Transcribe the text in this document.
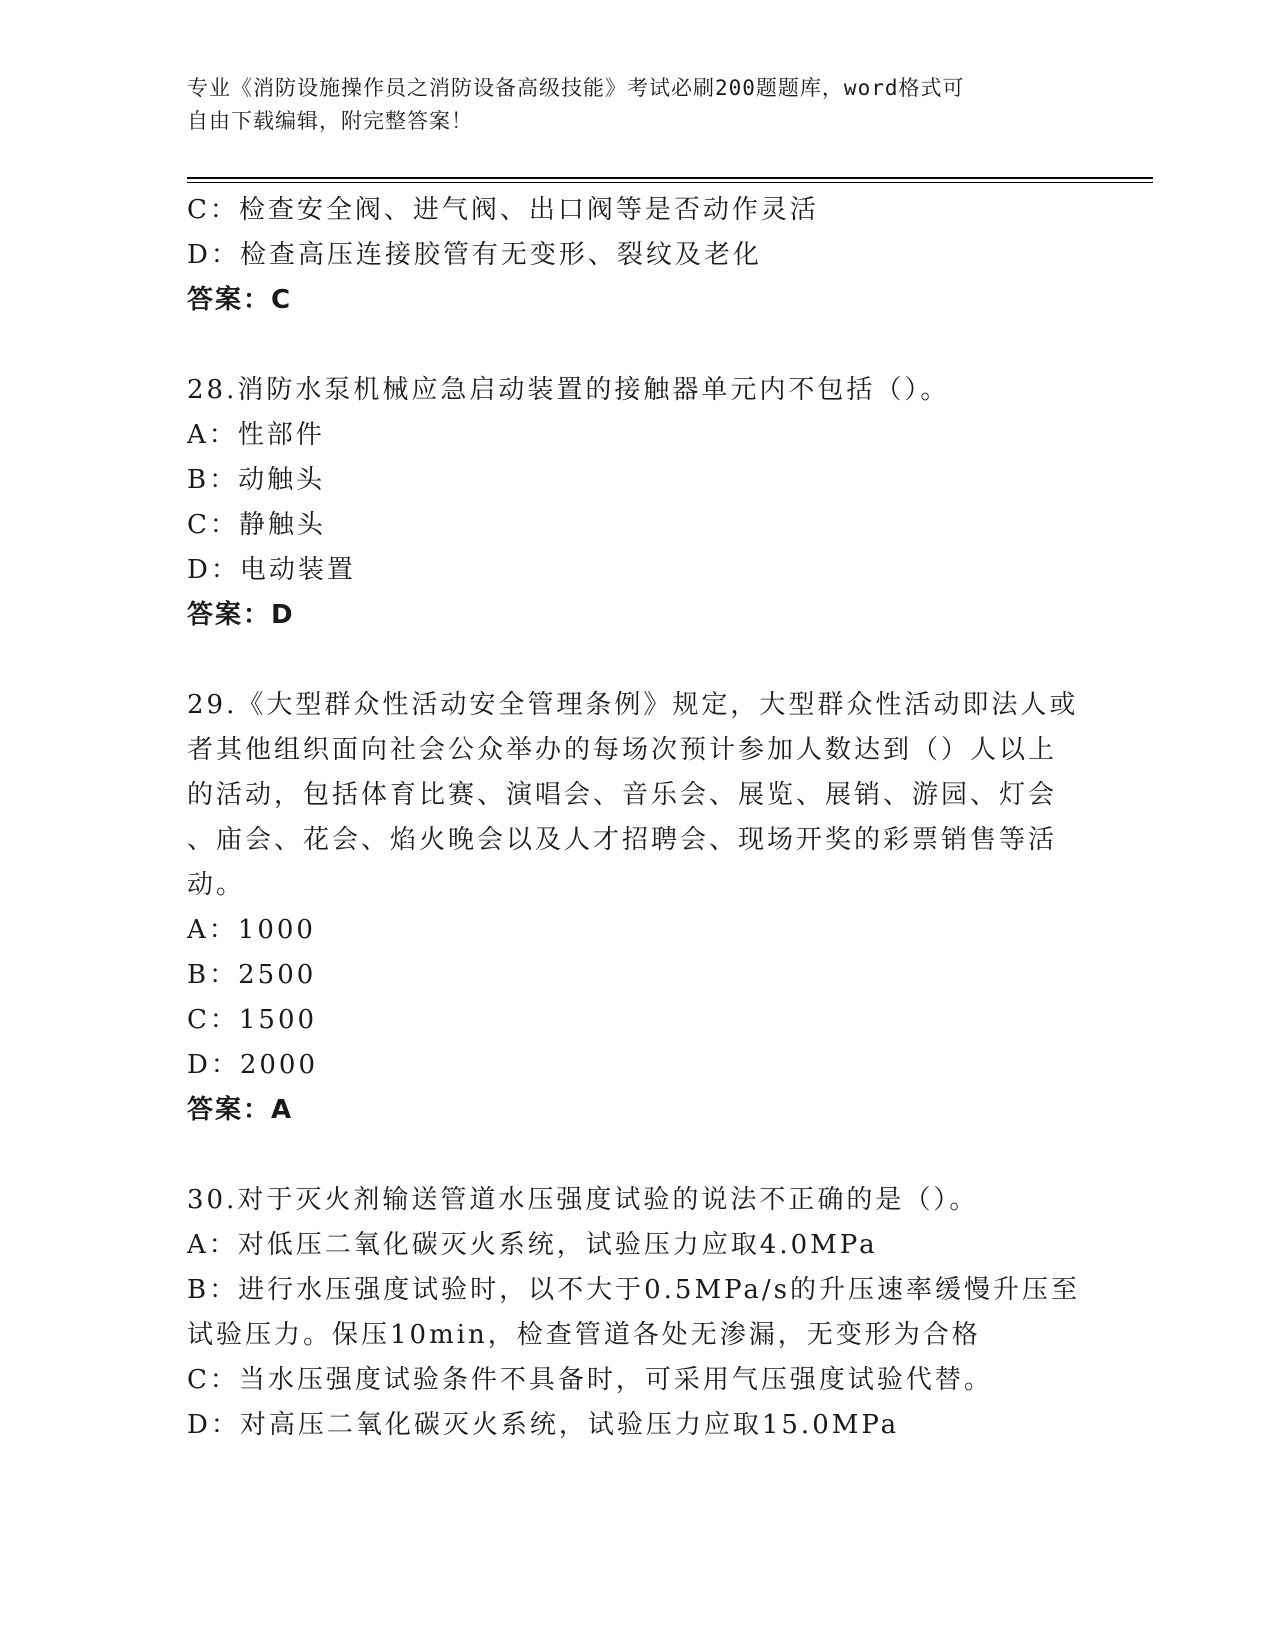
专业《消防设施操作员之消防设备高级技能》考试必刷200题题库，word格式可
自由下载编辑，附完整答案！
C：检查安全阀、进气阀、出口阀等是否动作灵活
D：检查高压连接胶管有无变形、裂纹及老化
答案：C
28.消防水泵机械应急启动装置的接触器单元内不包括（）。
A：性部件
B：动触头
C：静触头
D：电动装置
答案：D
29.《大型群众性活动安全管理条例》规定，大型群众性活动即法人或
者其他组织面向社会公众举办的每场次预计参加人数达到（）人以上
的活动，包括体育比赛、演唱会、音乐会、展览、展销、游园、灯会
、庙会、花会、焰火晚会以及人才招聘会、现场开奖的彩票销售等活
动。
A：1000
B：2500
C：1500
D：2000
答案：A
30.对于灭火剂输送管道水压强度试验的说法不正确的是（）。
A：对低压二氧化碳灭火系统，试验压力应取4.0MPa
B：进行水压强度试验时，以不大于0.5MPa/s的升压速率缓慢升压至
试验压力。保压10min，检查管道各处无渗漏，无变形为合格
C：当水压强度试验条件不具备时，可采用气压强度试验代替。
D：对高压二氧化碳灭火系统，试验压力应取15.0MPa
